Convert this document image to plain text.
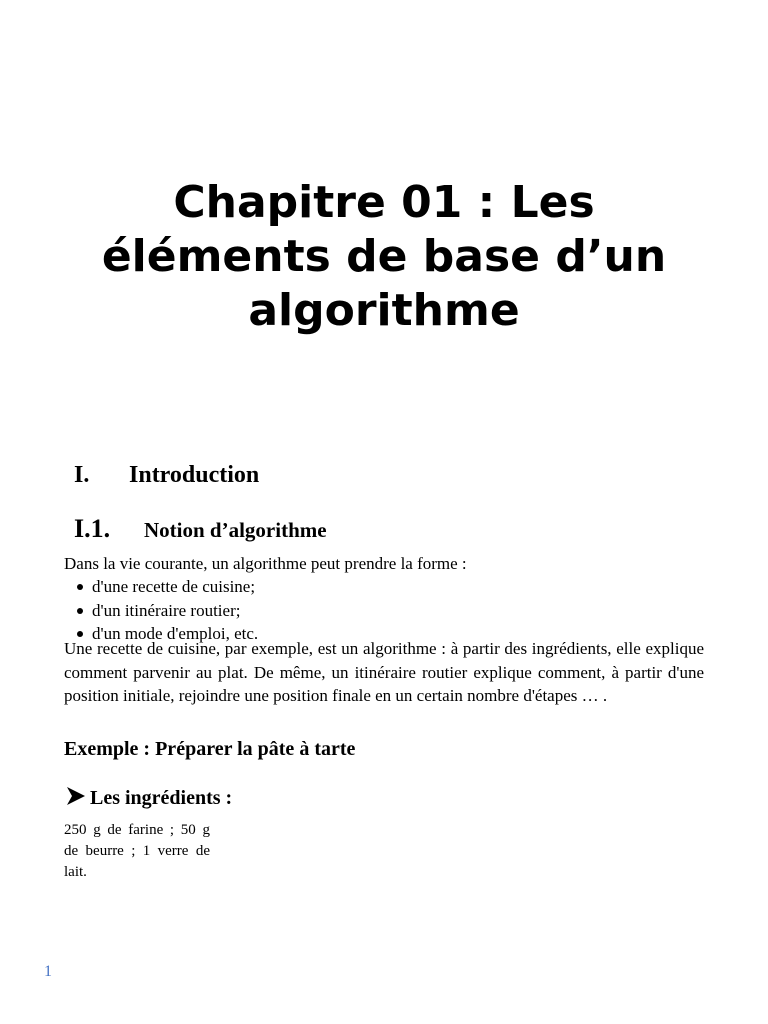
Chapitre 01 : Les
éléments de base d’un
algorithme
I. Introduction
I.1. Notion d’algorithme

Dans la vie courante, un algorithme peut prendre la forme :

d'une recette de cuisine;
d'un itinéraire routier;
d'un mode d'emploi, etc.

Une recette de cuisine, par exemple, est un algorithme : à partir des ingrédients, elle explique comment parvenir au plat. De même, un itinéraire routier explique comment, à partir d'une position initiale, rejoindre une position finale en un certain nombre d'étapes … .

Exemple : Préparer la pâte à tarte

Les ingrédients :

250 g de farine ; 50 g de beurre ; 1 verre de lait.

1
